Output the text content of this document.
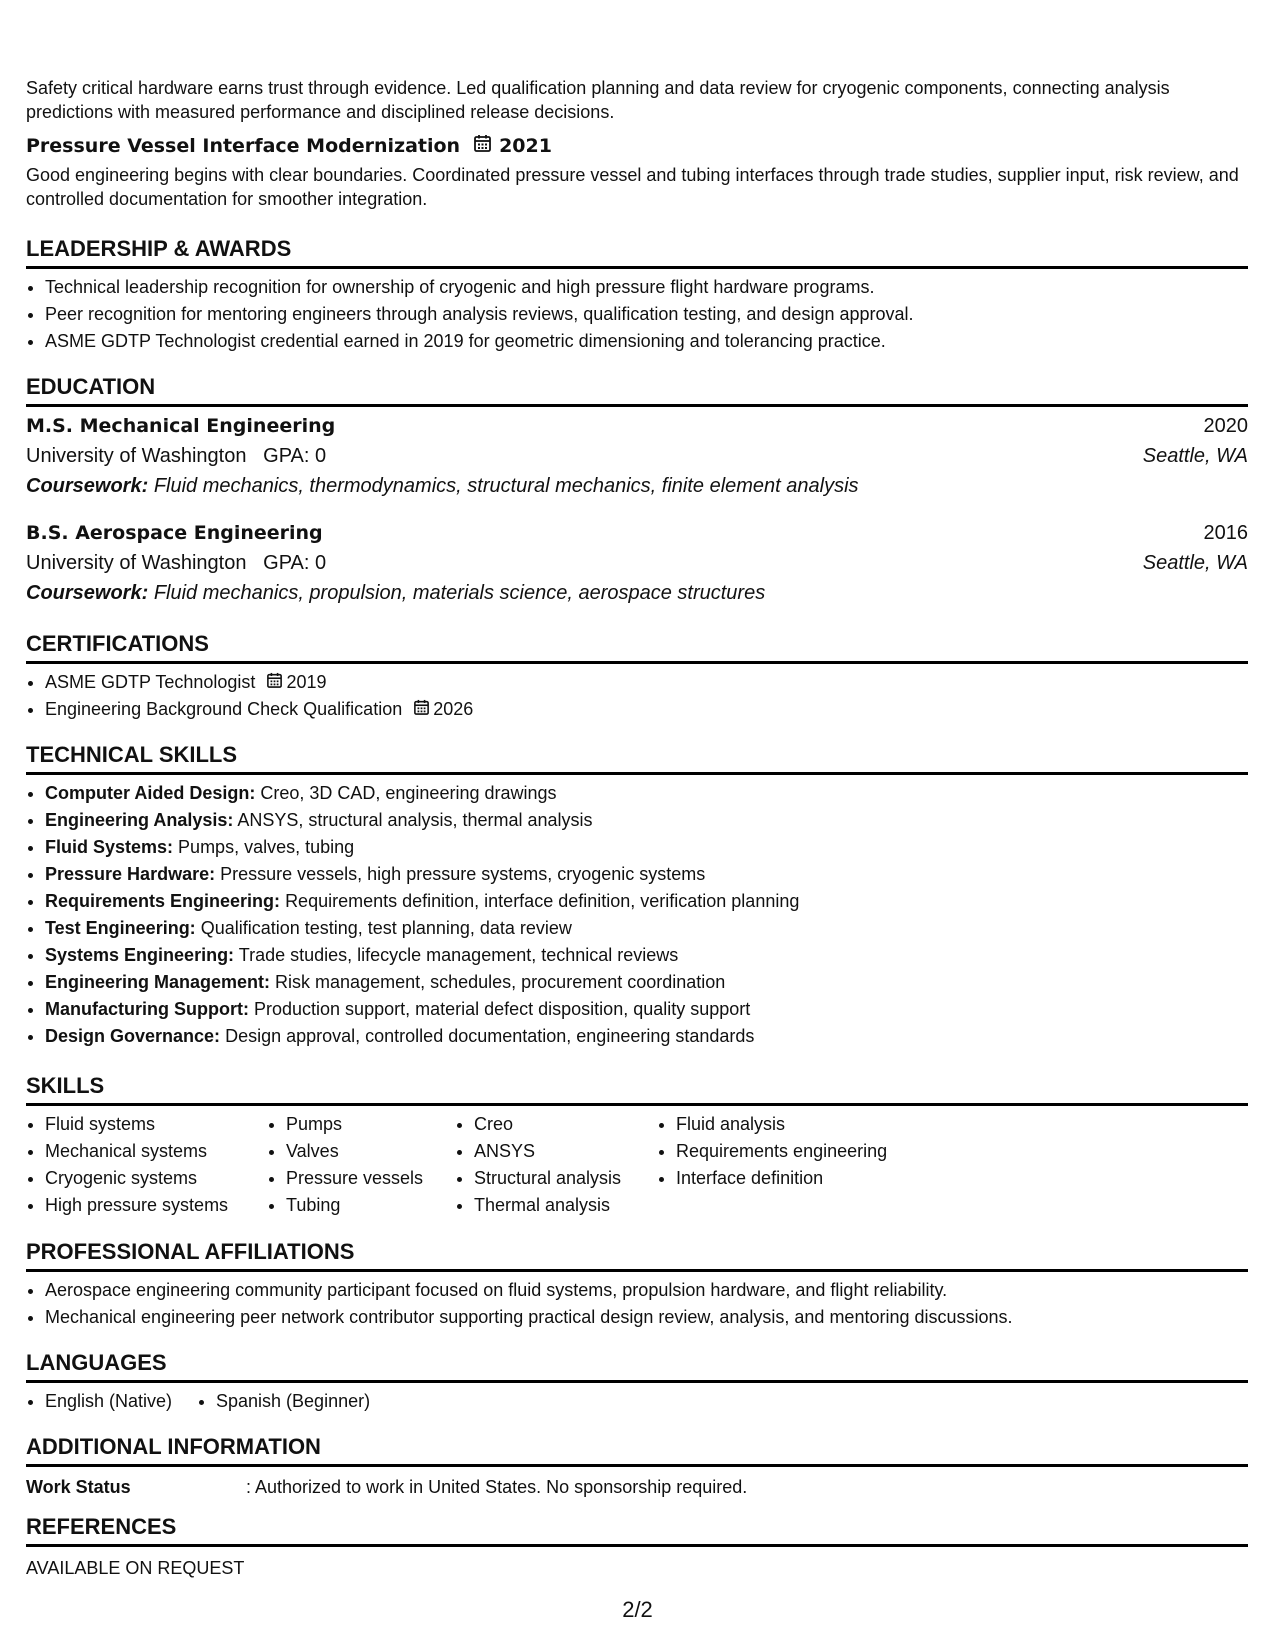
Safety critical hardware earns trust through evidence. Led qualification planning and data review for cryogenic components, connecting analysis predictions with measured performance and disciplined release decisions.

Pressure Vessel Interface Modernization 2021

Good engineering begins with clear boundaries. Coordinated pressure vessel and tubing interfaces through trade studies, supplier input, risk review, and controlled documentation for smoother integration.

LEADERSHIP & AWARDS
• Technical leadership recognition for ownership of cryogenic and high pressure flight hardware programs.
• Peer recognition for mentoring engineers through analysis reviews, qualification testing, and design approval.
• ASME GDTP Technologist credential earned in 2019 for geometric dimensioning and tolerancing practice.
EDUCATION
M.S. Mechanical Engineering	2020
University of Washington GPA: 0	Seattle, WA
Coursework: Fluid mechanics, thermodynamics, structural mechanics, finite element analysis
B.S. Aerospace Engineering	2016
University of Washington GPA: 0	Seattle, WA
Coursework: Fluid mechanics, propulsion, materials science, aerospace structures
CERTIFICATIONS
• ASME GDTP Technologist 2019
• Engineering Background Check Qualification 2026
TECHNICAL SKILLS
• Computer Aided Design: Creo, 3D CAD, engineering drawings
• Engineering Analysis: ANSYS, structural analysis, thermal analysis
• Fluid Systems: Pumps, valves, tubing
• Pressure Hardware: Pressure vessels, high pressure systems, cryogenic systems
• Requirements Engineering: Requirements definition, interface definition, verification planning
• Test Engineering: Qualification testing, test planning, data review
• Systems Engineering: Trade studies, lifecycle management, technical reviews
• Engineering Management: Risk management, schedules, procurement coordination
• Manufacturing Support: Production support, material defect disposition, quality support
• Design Governance: Design approval, controlled documentation, engineering standards
SKILLS
• Fluid systems
• Mechanical systems
• Cryogenic systems
• High pressure systems
• Pumps
• Valves
• Pressure vessels
• Tubing
• Creo
• ANSYS
• Structural analysis
• Thermal analysis
• Fluid analysis
• Requirements engineering
• Interface definition
PROFESSIONAL AFFILIATIONS
• Aerospace engineering community participant focused on fluid systems, propulsion hardware, and flight reliability.
• Mechanical engineering peer network contributor supporting practical design review, analysis, and mentoring discussions.
LANGUAGES
• English (Native)
•	Spanish (Beginner)
ADDITIONAL INFORMATION
Work Status	: Authorized to work in United States. No sponsorship required.
REFERENCES

AVAILABLE ON REQUEST

2/2
